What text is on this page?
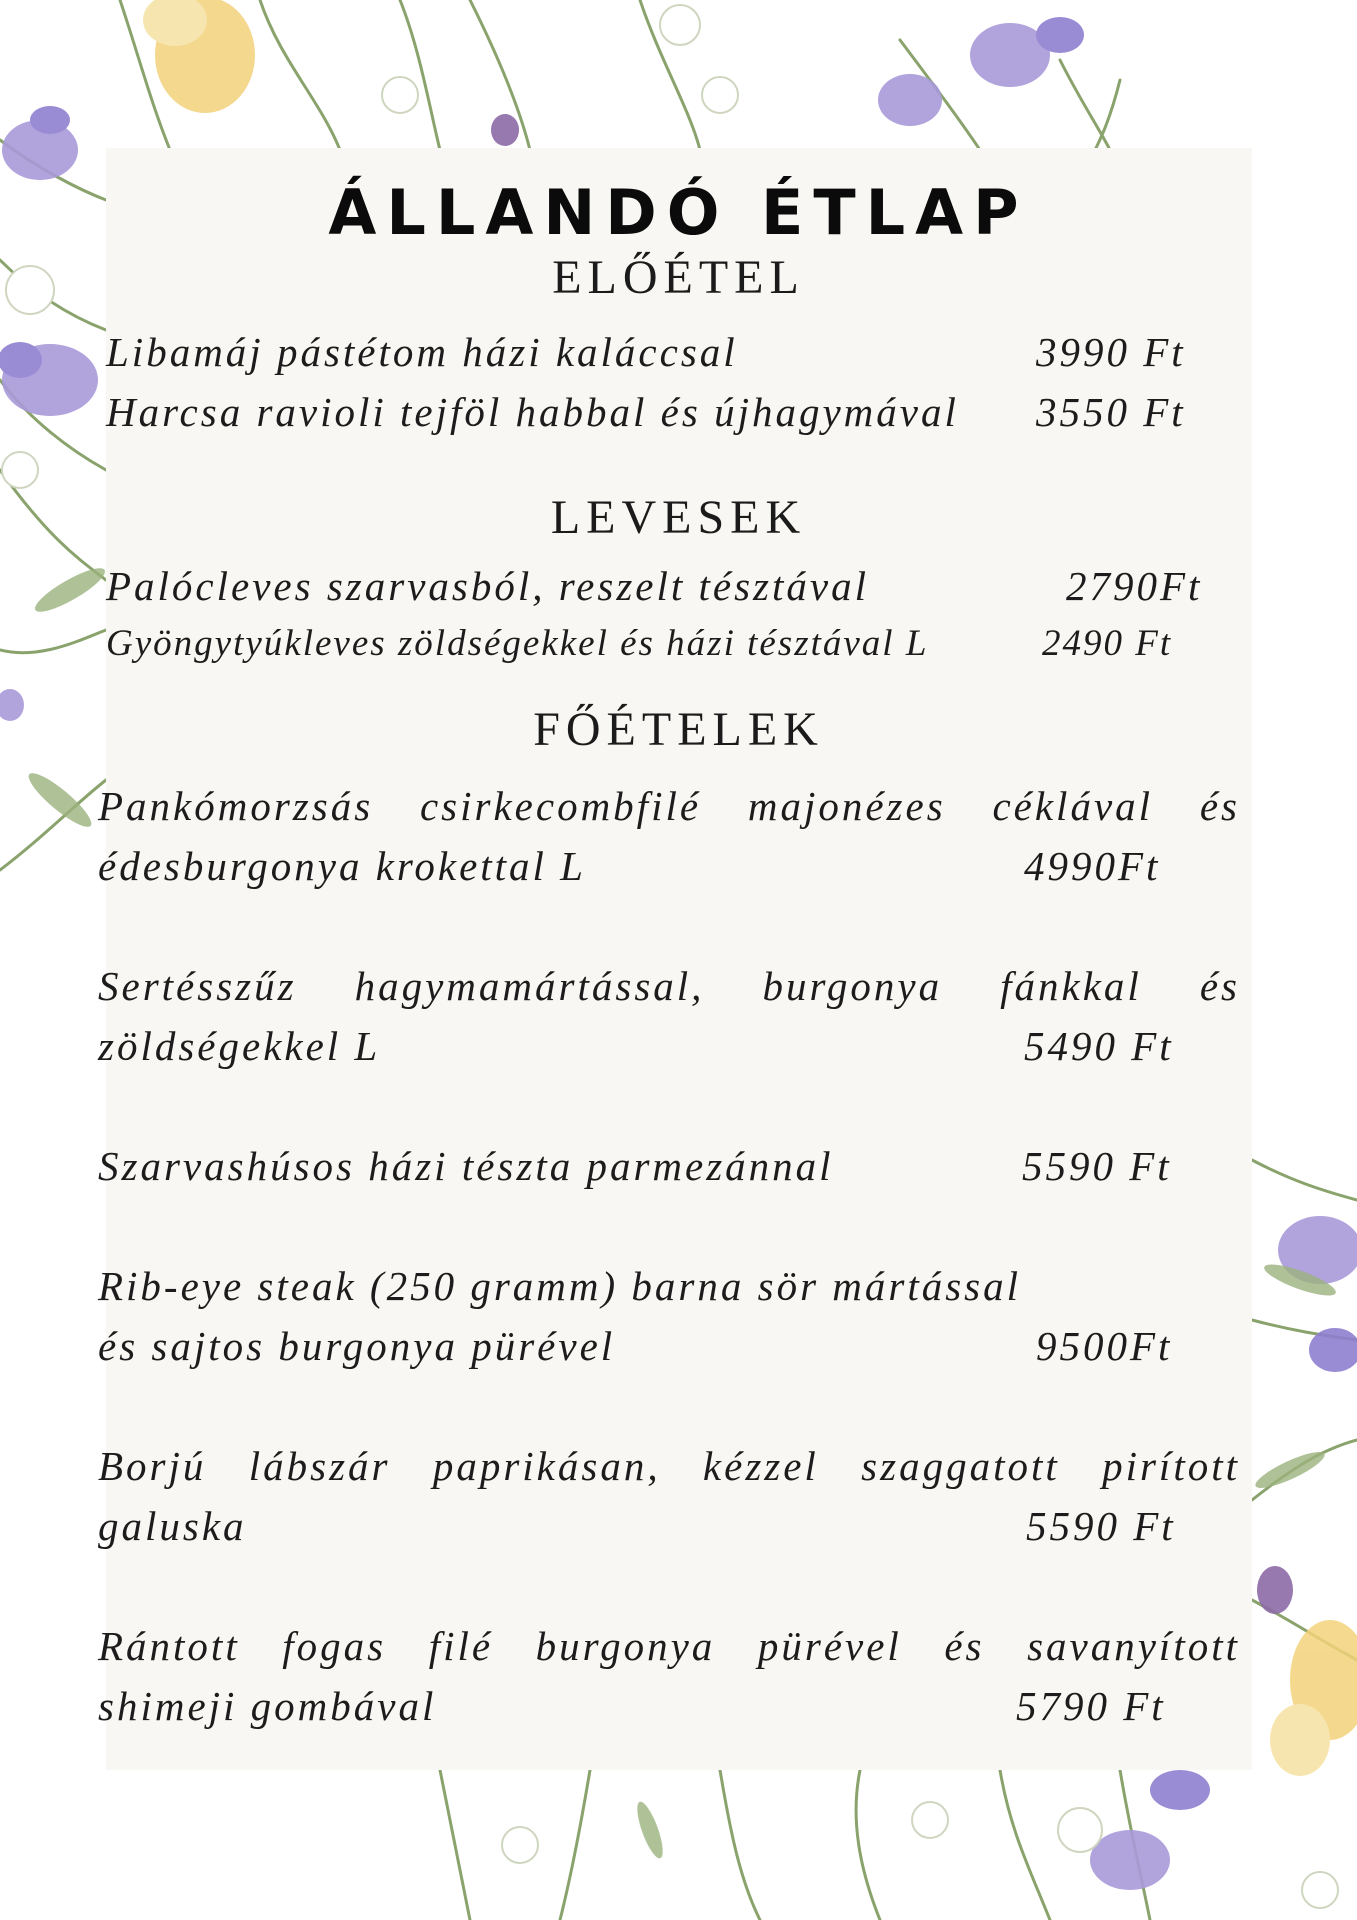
ÁLLANDÓ ÉTLAP
ELŐÉTEL
Libamáj pástétom házi kaláccsal	3990 Ft
Harcsa ravioli tejföl habbal és újhagymával 3550 Ft
LEVESEK
Palócleves szarvasból, reszelt tésztával	2790Ft
Gyöngytyúkleves zöldségekkel és házi tésztával L	2490 Ft
FŐÉTELEK
Pankómorzsás csirkecombfilé majonézes céklával és
édesburgonya krokettal L	4990Ft
Sertésszűz hagymamártással, burgonya fánkkal és
zöldségekkel L	5490 Ft
Szarvashúsos házi tészta parmezánnal	5590 Ft
Rib-eye steak (250 gramm) barna sör mártással
és sajtos burgonya pürével	9500Ft
Borjú lábszár paprikásan, kézzel szaggatott pirított
galuska	5590 Ft
Rántott fogas filé burgonya pürével és savanyított
shimeji gombával	5790 Ft
